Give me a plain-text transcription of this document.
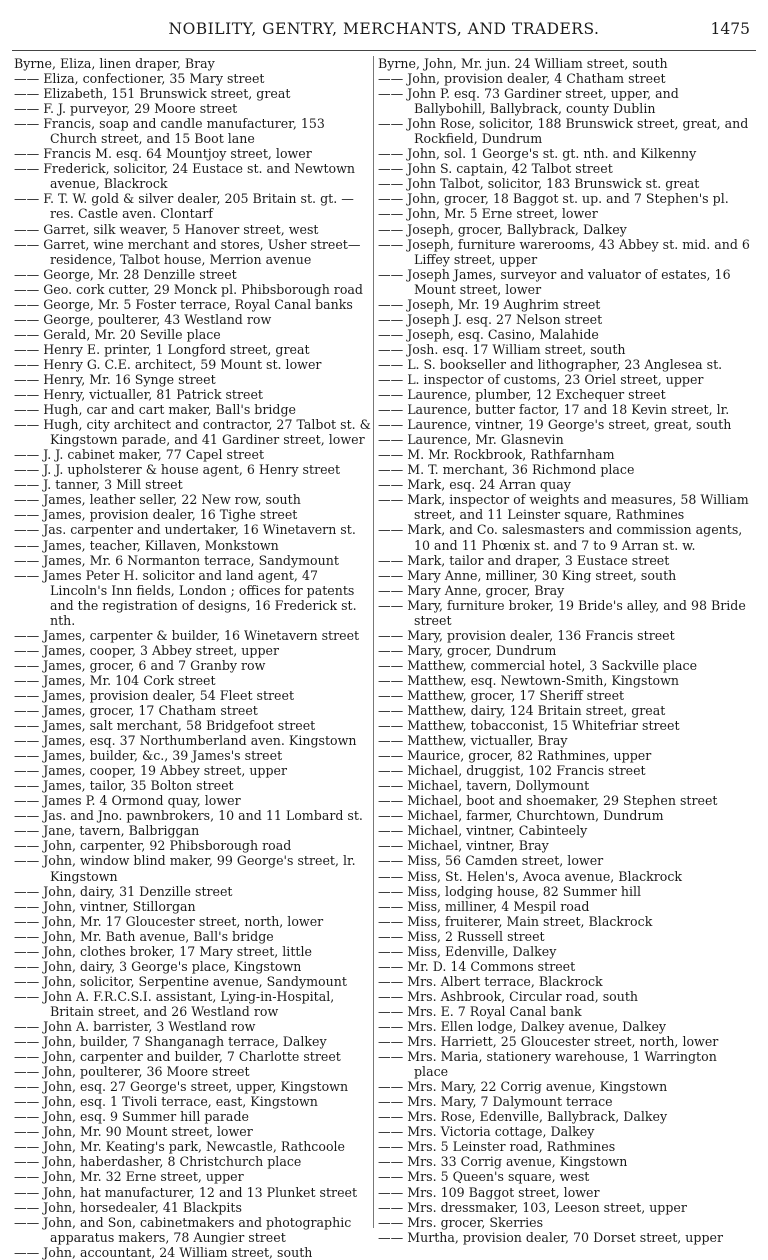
NOBILITY, GENTRY, MERCHANTS, AND TRADERS.	1475

Byrne, Eliza, linen draper, Bray

—— Eliza, confectioner, 35 Mary street

—— Elizabeth, 151 Brunswick street, great

—— F. J. purveyor, 29 Moore street

—— Francis, soap and candle manufacturer, 153 Church street, and 15 Boot lane

—— Francis M. esq. 64 Mountjoy street, lower

—— Frederick, solicitor, 24 Eustace st. and Newtown avenue, Blackrock

—— F. T. W. gold & silver dealer, 205 Britain st. gt. —res. Castle aven. Clontarf

—— Garret, silk weaver, 5 Hanover street, west

—— Garret, wine merchant and stores, Usher street—residence, Talbot house, Merrion avenue

—— George, Mr. 28 Denzille street

—— Geo. cork cutter, 29 Monck pl. Phibsborough road

—— George, Mr. 5 Foster terrace, Royal Canal banks

—— George, poulterer, 43 Westland row

—— Gerald, Mr. 20 Seville place

—— Henry E. printer, 1 Longford street, great

—— Henry G. C.E. architect, 59 Mount st. lower

—— Henry, Mr. 16 Synge street

—— Henry, victualler, 81 Patrick street

—— Hugh, car and cart maker, Ball's bridge

—— Hugh, city architect and contractor, 27 Talbot st. & Kingstown parade, and 41 Gardiner street, lower

—— J. J. cabinet maker, 77 Capel street

—— J. J. upholsterer & house agent, 6 Henry street

—— J. tanner, 3 Mill street

—— James, leather seller, 22 New row, south

—— James, provision dealer, 16 Tighe street

—— Jas. carpenter and undertaker, 16 Winetavern st.

—— James, teacher, Killaven, Monkstown

—— James, Mr. 6 Normanton terrace, Sandymount

—— James Peter H. solicitor and land agent, 47 Lincoln's Inn fields, London ; offices for patents and the registration of designs, 16 Frederick st. nth.

—— James, carpenter & builder, 16 Winetavern street

—— James, cooper, 3 Abbey street, upper

—— James, grocer, 6 and 7 Granby row

—— James, Mr. 104 Cork street

—— James, provision dealer, 54 Fleet street

—— James, grocer, 17 Chatham street

—— James, salt merchant, 58 Bridgefoot street

—— James, esq. 37 Northumberland aven. Kingstown

—— James, builder, &c., 39 James's street

—— James, cooper, 19 Abbey street, upper

—— James, tailor, 35 Bolton street

—— James P. 4 Ormond quay, lower

—— Jas. and Jno. pawnbrokers, 10 and 11 Lombard st.

—— Jane, tavern, Balbriggan

—— John, carpenter, 92 Phibsborough road

—— John, window blind maker, 99 George's street, lr. Kingstown

—— John, dairy, 31 Denzille street

—— John, vintner, Stillorgan

—— John, Mr. 17 Gloucester street, north, lower

—— John, Mr. Bath avenue, Ball's bridge

—— John, clothes broker, 17 Mary street, little

—— John, dairy, 3 George's place, Kingstown

—— John, solicitor, Serpentine avenue, Sandymount

—— John A. F.R.C.S.I. assistant, Lying-in-Hospital, Britain street, and 26 Westland row

—— John A. barrister, 3 Westland row

—— John, builder, 7 Shanganagh terrace, Dalkey

—— John, carpenter and builder, 7 Charlotte street

—— John, poulterer, 36 Moore street

—— John, esq. 27 George's street, upper, Kingstown

—— John, esq. 1 Tivoli terrace, east, Kingstown

—— John, esq. 9 Summer hill parade

—— John, Mr. 90 Mount street, lower

—— John, Mr. Keating's park, Newcastle, Rathcoole

—— John, haberdasher, 8 Christchurch place

—— John, Mr. 32 Erne street, upper

—— John, hat manufacturer, 12 and 13 Plunket street

—— John, horsedealer, 41 Blackpits

—— John, and Son, cabinetmakers and photographic apparatus makers, 78 Aungier street

—— John, accountant, 24 William street, south

Byrne, John, Mr. jun. 24 William street, south

—— John, provision dealer, 4 Chatham street

—— John P. esq. 73 Gardiner street, upper, and Ballybohill, Ballybrack, county Dublin

—— John Rose, solicitor, 188 Brunswick street, great, and Rockfield, Dundrum

—— John, sol. 1 George's st. gt. nth. and Kilkenny

—— John S. captain, 42 Talbot street

—— John Talbot, solicitor, 183 Brunswick st. great

—— John, grocer, 18 Baggot st. up. and 7 Stephen's pl.

—— John, Mr. 5 Erne street, lower

—— Joseph, grocer, Ballybrack, Dalkey

—— Joseph, furniture warerooms, 43 Abbey st. mid. and 6 Liffey street, upper

—— Joseph James, surveyor and valuator of estates, 16 Mount street, lower

—— Joseph, Mr. 19 Aughrim street

—— Joseph J. esq. 27 Nelson street

—— Joseph, esq. Casino, Malahide

—— Josh. esq. 17 William street, south

—— L. S. bookseller and lithographer, 23 Anglesea st.

—— L. inspector of customs, 23 Oriel street, upper

—— Laurence, plumber, 12 Exchequer street

—— Laurence, butter factor, 17 and 18 Kevin street, lr.

—— Laurence, vintner, 19 George's street, great, south

—— Laurence, Mr. Glasnevin

—— M. Mr. Rockbrook, Rathfarnham

—— M. T. merchant, 36 Richmond place

—— Mark, esq. 24 Arran quay

—— Mark, inspector of weights and measures, 58 William street, and 11 Leinster square, Rathmines

—— Mark, and Co. salesmasters and commission agents, 10 and 11 Phœnix st. and 7 to 9 Arran st. w.

—— Mark, tailor and draper, 3 Eustace street

—— Mary Anne, milliner, 30 King street, south

—— Mary Anne, grocer, Bray

—— Mary, furniture broker, 19 Bride's alley, and 98 Bride street

—— Mary, provision dealer, 136 Francis street

—— Mary, grocer, Dundrum

—— Matthew, commercial hotel, 3 Sackville place

—— Matthew, esq. Newtown-Smith, Kingstown

—— Matthew, grocer, 17 Sheriff street

—— Matthew, dairy, 124 Britain street, great

—— Matthew, tobacconist, 15 Whitefriar street

—— Matthew, victualler, Bray

—— Maurice, grocer, 82 Rathmines, upper

—— Michael, druggist, 102 Francis street

—— Michael, tavern, Dollymount

—— Michael, boot and shoemaker, 29 Stephen street

—— Michael, farmer, Churchtown, Dundrum

—— Michael, vintner, Cabinteely

—— Michael, vintner, Bray

—— Miss, 56 Camden street, lower

—— Miss, St. Helen's, Avoca avenue, Blackrock

—— Miss, lodging house, 82 Summer hill

—— Miss, milliner, 4 Mespil road

—— Miss, fruiterer, Main street, Blackrock

—— Miss, 2 Russell street

—— Miss, Edenville, Dalkey

—— Mr. D. 14 Commons street

—— Mrs. Albert terrace, Blackrock

—— Mrs. Ashbrook, Circular road, south

—— Mrs. E. 7 Royal Canal bank

—— Mrs. Ellen lodge, Dalkey avenue, Dalkey

—— Mrs. Harriett, 25 Gloucester street, north, lower

—— Mrs. Maria, stationery warehouse, 1 Warrington place

—— Mrs. Mary, 22 Corrig avenue, Kingstown

—— Mrs. Mary, 7 Dalymount terrace

—— Mrs. Rose, Edenville, Ballybrack, Dalkey

—— Mrs. Victoria cottage, Dalkey

—— Mrs. 5 Leinster road, Rathmines

—— Mrs. 33 Corrig avenue, Kingstown

—— Mrs. 5 Queen's square, west

—— Mrs. 109 Baggot street, lower

—— Mrs. dressmaker, 103, Leeson street, upper

—— Mrs. grocer, Skerries

—— Murtha, provision dealer, 70 Dorset street, upper
